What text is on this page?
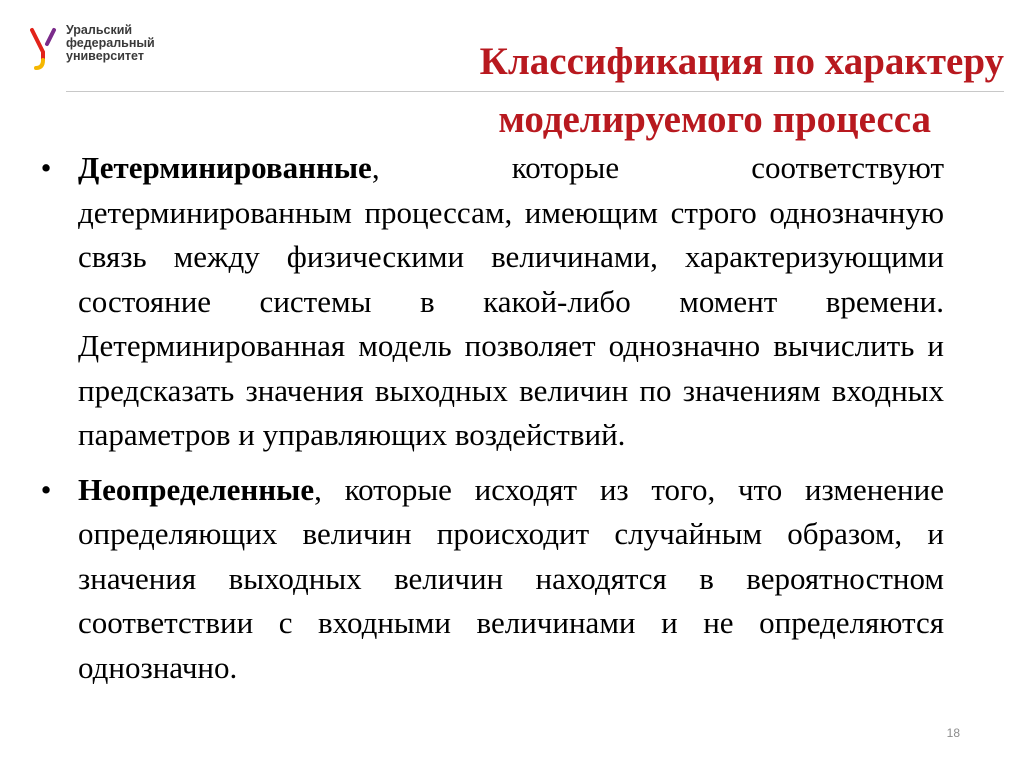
Уральский
федеральный
университет	Классификация по характеру
моделируемого процесса
• Детерминированные, которые соответствуют детерминированным процессам, имеющим строго однозначную связь между физическими величинами, характеризующими состояние системы в какой-либо момент времени. Детерминированная модель позволяет однозначно вычислить и предсказать значения выходных величин по значениям входных параметров и управляющих воздействий.
• Неопределенные, которые исходят из того, что изменение определяющих величин происходит случайным образом, и значения выходных величин находятся в вероятностном соответствии с входными величинами и не определяются однозначно.
18
